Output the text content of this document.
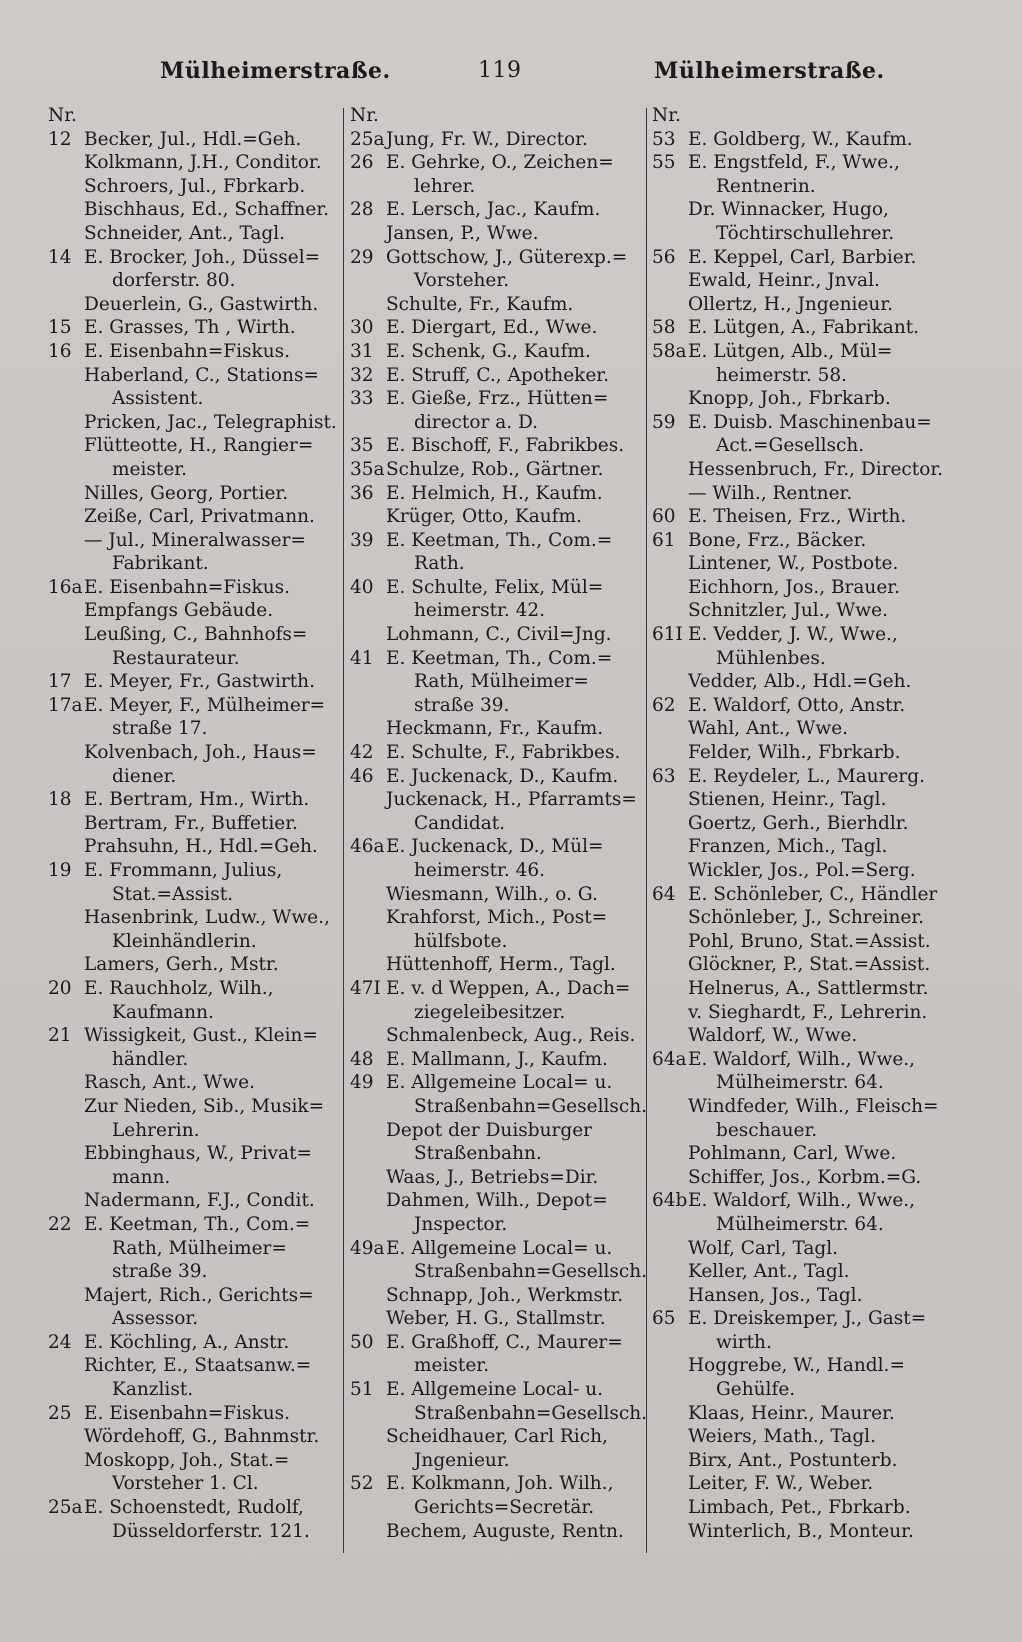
Mülheimerstraße.	119	Mülheimerstraße.
Nr.
12 Becker, Jul., Hdl.=Geh.
Kolkmann, J.H., Conditor.
Schroers, Jul., Fbrkarb.
Bischhaus, Ed., Schaffner.
Schneider, Ant., Tagl.
14 E. Brocker, Joh., Düssel=
dorferstr. 80.
Deuerlein, G., Gastwirth.
15 E. Grasses, Th , Wirth.
16 E. Eisenbahn=Fiskus.
Haberland, C., Stations=
Assistent.
Pricken, Jac., Telegraphist.
Flütteotte, H., Rangier=
meister.
Nilles, Georg, Portier.
Zeiße, Carl, Privatmann.
— Jul., Mineralwasser=
Fabrikant.
16a E. Eisenbahn=Fiskus.
Empfangs Gebäude.
Leußing, C., Bahnhofs=
Restaurateur.
17 E. Meyer, Fr., Gastwirth.
17a E. Meyer, F., Mülheimer=
straße 17.
Kolvenbach, Joh., Haus=
diener.
18 E. Bertram, Hm., Wirth.
Bertram, Fr., Buffetier.
Prahsuhn, H., Hdl.=Geh.
19 E. Frommann, Julius,
Stat.=Assist.
Hasenbrink, Ludw., Wwe.,
Kleinhändlerin.
Lamers, Gerh., Mstr.
20 E. Rauchholz, Wilh.,
Kaufmann.
21 Wissigkeit, Gust., Klein=
händler.
Rasch, Ant., Wwe.
Zur Nieden, Sib., Musik=
Lehrerin.
Ebbinghaus, W., Privat=
mann.
Nadermann, F.J., Condit.
22 E. Keetman, Th., Com.=
Rath, Mülheimer=
straße 39.
Majert, Rich., Gerichts=
Assessor.
24 E. Köchling, A., Anstr.
Richter, E., Staatsanw.=
Kanzlist.
25 E. Eisenbahn=Fiskus.
Wördehoff, G., Bahnmstr.
Moskopp, Joh., Stat.=
Vorsteher 1. Cl.
25a E. Schoenstedt, Rudolf,
Düsseldorferstr. 121.
Nr.
25a Jung, Fr. W., Director.
26 E. Gehrke, O., Zeichen=
lehrer.
28 E. Lersch, Jac., Kaufm.
Jansen, P., Wwe.
29 Gottschow, J., Güterexp.=
Vorsteher.
Schulte, Fr., Kaufm.
30 E. Diergart, Ed., Wwe.
31 E. Schenk, G., Kaufm.
32 E. Struff, C., Apotheker.
33 E. Gieße, Frz., Hütten=
director a. D.
35 E. Bischoff, F., Fabrikbes.
35a Schulze, Rob., Gärtner.
36 E. Helmich, H., Kaufm.
Krüger, Otto, Kaufm.
39 E. Keetman, Th., Com.=
Rath.
40 E. Schulte, Felix, Mül=
heimerstr. 42.
Lohmann, C., Civil=Jng.
41 E. Keetman, Th., Com.=
Rath, Mülheimer=
straße 39.
Heckmann, Fr., Kaufm.
42 E. Schulte, F., Fabrikbes.
46 E. Juckenack, D., Kaufm.
Juckenack, H., Pfarramts=
Candidat.
46a E. Juckenack, D., Mül=
heimerstr. 46.
Wiesmann, Wilh., o. G.
Krahforst, Mich., Post=
hülfsbote.
Hüttenhoff, Herm., Tagl.
47I E. v. d Weppen, A., Dach=
ziegeleibesitzer.
Schmalenbeck, Aug., Reis.
48 E. Mallmann, J., Kaufm.
49 E. Allgemeine Local= u.
Straßenbahn=Gesellsch.
Depot der Duisburger
Straßenbahn.
Waas, J., Betriebs=Dir.
Dahmen, Wilh., Depot=
Jnspector.
49a E. Allgemeine Local= u.
Straßenbahn=Gesellsch.
Schnapp, Joh., Werkmstr.
Weber, H. G., Stallmstr.
50 E. Graßhoff, C., Maurer=
meister.
51 E. Allgemeine Local- u.
Straßenbahn=Gesellsch.
Scheidhauer, Carl Rich,
Jngenieur.
52 E. Kolkmann, Joh. Wilh.,
Gerichts=Secretär.
Bechem, Auguste, Rentn.
Nr.
53 E. Goldberg, W., Kaufm.
55 E. Engstfeld, F., Wwe.,
Rentnerin.
Dr. Winnacker, Hugo,
Töchtirschullehrer.
56 E. Keppel, Carl, Barbier.
Ewald, Heinr., Jnval.
Ollertz, H., Jngenieur.
58 E. Lütgen, A., Fabrikant.
58a E. Lütgen, Alb., Mül=
heimerstr. 58.
Knopp, Joh., Fbrkarb.
59 E. Duisb. Maschinenbau=
Act.=Gesellsch.
Hessenbruch, Fr., Director.
— Wilh., Rentner.
60 E. Theisen, Frz., Wirth.
61 Bone, Frz., Bäcker.
Lintener, W., Postbote.
Eichhorn, Jos., Brauer.
Schnitzler, Jul., Wwe.
61I E. Vedder, J. W., Wwe.,
Mühlenbes.
Vedder, Alb., Hdl.=Geh.
62 E. Waldorf, Otto, Anstr.
Wahl, Ant., Wwe.
Felder, Wilh., Fbrkarb.
63 E. Reydeler, L., Maurerg.
Stienen, Heinr., Tagl.
Goertz, Gerh., Bierhdlr.
Franzen, Mich., Tagl.
Wickler, Jos., Pol.=Serg.
64 E. Schönleber, C., Händler
Schönleber, J., Schreiner.
Pohl, Bruno, Stat.=Assist.
Glöckner, P., Stat.=Assist.
Helnerus, A., Sattlermstr.
v. Sieghardt, F., Lehrerin.
Waldorf, W., Wwe.
64a E. Waldorf, Wilh., Wwe.,
Mülheimerstr. 64.
Windfeder, Wilh., Fleisch=
beschauer.
Pohlmann, Carl, Wwe.
Schiffer, Jos., Korbm.=G.
64b E. Waldorf, Wilh., Wwe.,
Mülheimerstr. 64.
Wolf, Carl, Tagl.
Keller, Ant., Tagl.
Hansen, Jos., Tagl.
65 E. Dreiskemper, J., Gast=
wirth.
Hoggrebe, W., Handl.=
Gehülfe.
Klaas, Heinr., Maurer.
Weiers, Math., Tagl.
Birx, Ant., Postunterb.
Leiter, F. W., Weber.
Limbach, Pet., Fbrkarb.
Winterlich, B., Monteur.
